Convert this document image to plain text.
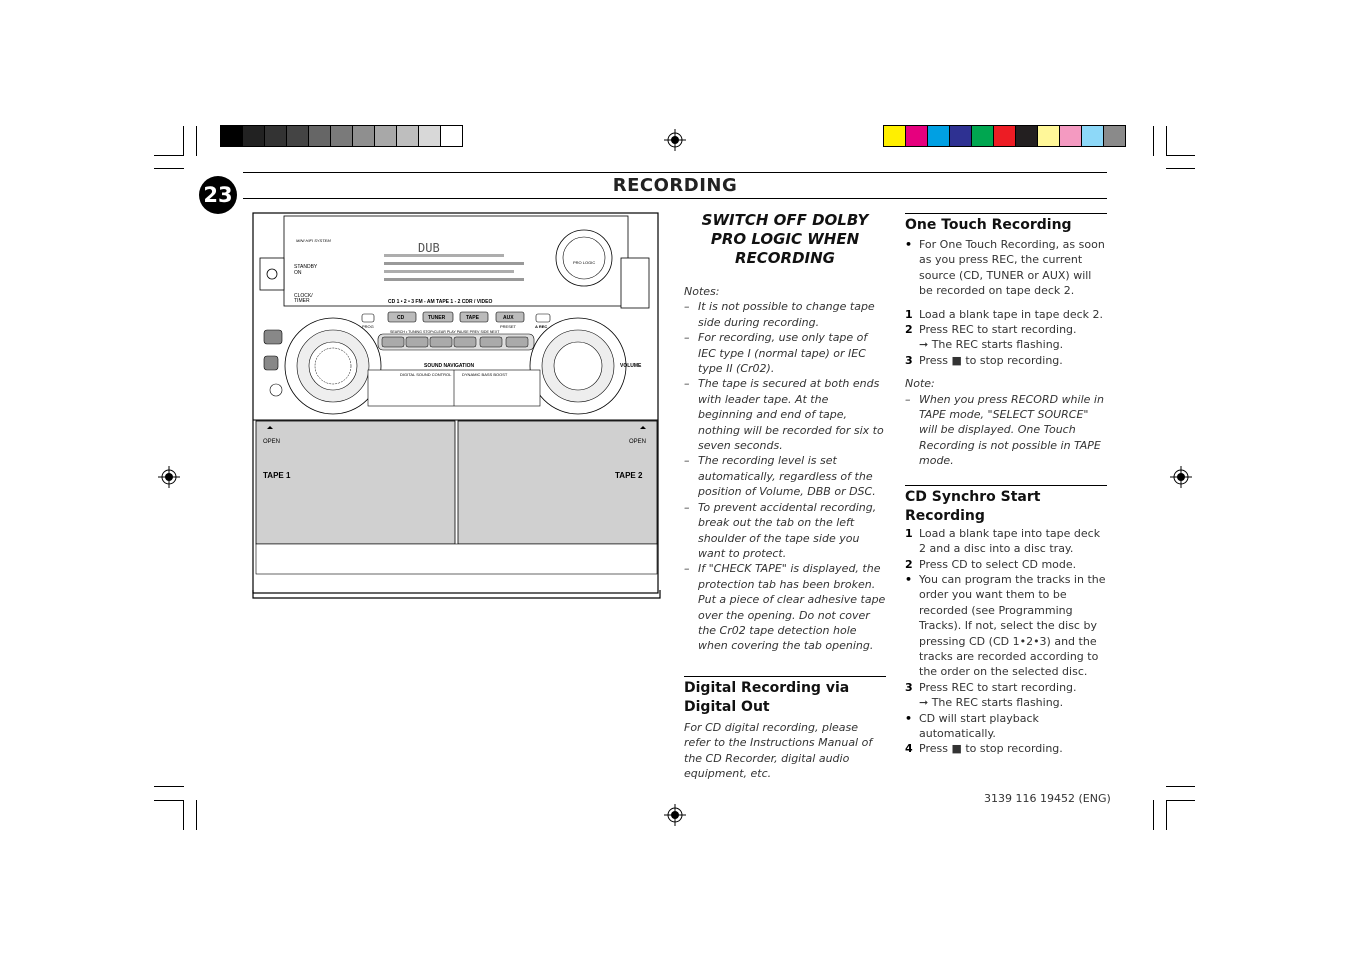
23	RECORDING
MINI HIFI SYSTEM
STANDBY
ON
CLOCK/
TIMER
DUB
PRO LOGIC
CD 1 • 2 • 3 FM - AM TAPE 1 - 2 CDR / VIDEO
CD	TUNER	TAPE	AUX
PROG	A REC
PRESET
SEARCH • TUNING STOP•CLEAR PLAY PAUSE PREV SIDE NEXT
VOLUME
SOUND NAVIGATION
DIGITAL SOUND CONTROL	DYNAMIC BASS BOOST
OPEN
TAPE 1
OPEN
TAPE 2
SWITCH OFF DOLBY PRO LOGIC WHEN RECORDING
Notes:
– It is not possible to change tape side during recording.
– For recording, use only tape of IEC type I (normal tape) or IEC type II (Cr02).
– The tape is secured at both ends with leader tape. At the beginning and end of tape, nothing will be recorded for six to seven seconds.
– The recording level is set automatically, regardless of the position of Volume, DBB or DSC.
– To prevent accidental recording, break out the tab on the left shoulder of the tape side you want to protect.
– If "CHECK TAPE" is displayed, the protection tab has been broken. Put a piece of clear adhesive tape over the opening. Do not cover the Cr02 tape detection hole when covering the tab opening.
Digital Recording via Digital Out
For CD digital recording, please refer to the Instructions Manual of the CD Recorder, digital audio equipment, etc.
One Touch Recording
• For One Touch Recording, as soon as you press REC, the current source (CD, TUNER or AUX) will be recorded on tape deck 2.
1 Load a blank tape in tape deck 2.
2 Press REC to start recording.
➞ The REC starts flashing.
3 Press ■ to stop recording.
Note:
– When you press RECORD while in TAPE mode, "SELECT SOURCE" will be displayed. One Touch Recording is not possible in TAPE mode.
CD Synchro Start Recording
1 Load a blank tape into tape deck 2 and a disc into a disc tray.
2 Press CD to select CD mode.
• You can program the tracks in the order you want them to be recorded (see Programming Tracks). If not, select the disc by pressing CD (CD 1•2•3) and the tracks are recorded according to the order on the selected disc.
3 Press REC to start recording.
➞ The REC starts flashing.
• CD will start playback automatically.
4 Press ■ to stop recording.
3139 116 19452 (ENG)
